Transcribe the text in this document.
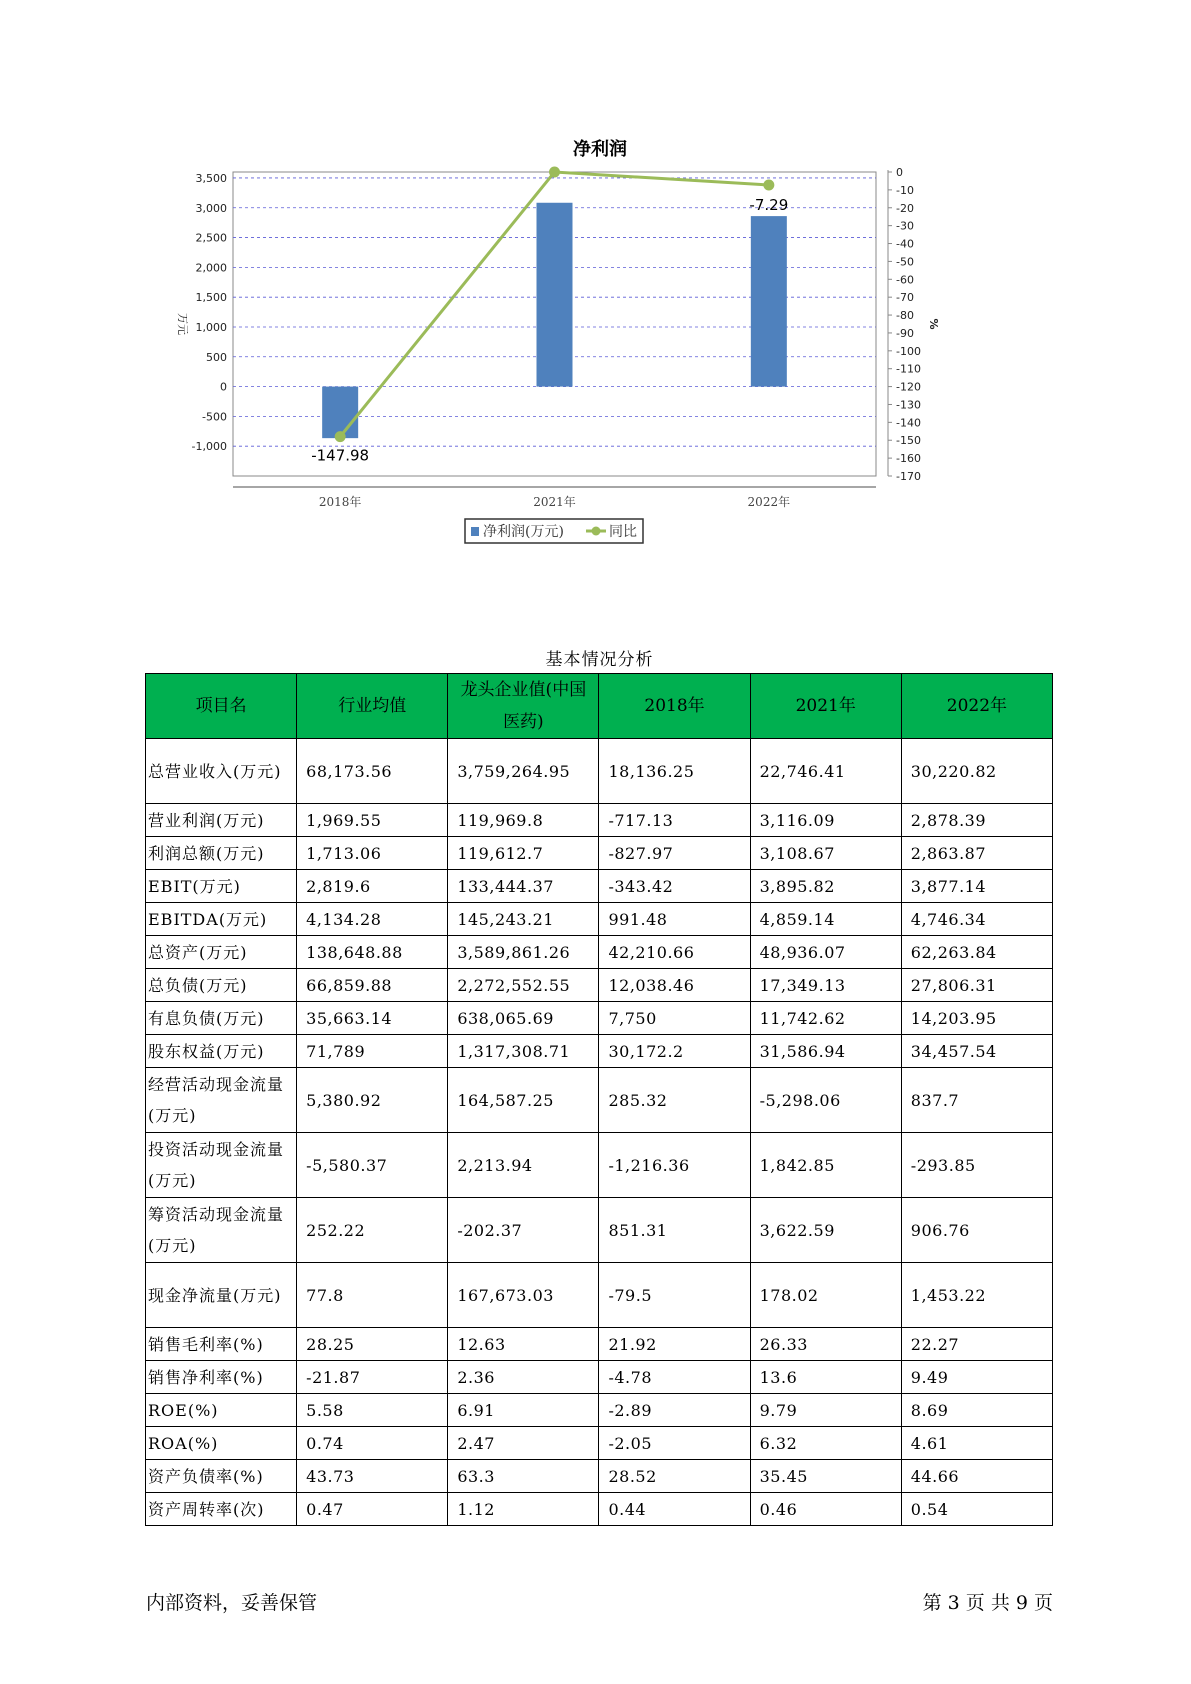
净利润
3,500
3,000
2,500
2,000
1,500
1,000
500
0
-500
-1,000
2018年	2021年	2022年
0
-10
-20
-30
-40
-50
-60
-70
-80
-90
-100
-110
-120
-130
-140
-150
-160
-170
万元	%
-147.98
-7.29
净利润(万元)	同比
基本情况分析
项目名	行业均值	龙头企业值(中国医药)	2018年	2021年	2022年
总营业收入(万元)	68,173.56	3,759,264.95	18,136.25	22,746.41	30,220.82
营业利润(万元)	1,969.55	119,969.8	-717.13	3,116.09	2,878.39
利润总额(万元)	1,713.06	119,612.7	-827.97	3,108.67	2,863.87
EBIT(万元)	2,819.6	133,444.37	-343.42	3,895.82	3,877.14
EBITDA(万元)	4,134.28	145,243.21	991.48	4,859.14	4,746.34
总资产(万元)	138,648.88	3,589,861.26	42,210.66	48,936.07	62,263.84
总负债(万元)	66,859.88	2,272,552.55	12,038.46	17,349.13	27,806.31
有息负债(万元)	35,663.14	638,065.69	7,750	11,742.62	14,203.95
股东权益(万元)	71,789	1,317,308.71	30,172.2	31,586.94	34,457.54
经营活动现金流量(万元)	5,380.92	164,587.25	285.32	-5,298.06	837.7
投资活动现金流量(万元)	-5,580.37	2,213.94	-1,216.36	1,842.85	-293.85
筹资活动现金流量(万元)	252.22	-202.37	851.31	3,622.59	906.76
现金净流量(万元)	77.8	167,673.03	-79.5	178.02	1,453.22
销售毛利率(%)	28.25	12.63	21.92	26.33	22.27
销售净利率(%)	-21.87	2.36	-4.78	13.6	9.49
ROE(%)	5.58	6.91	-2.89	9.79	8.69
ROA(%)	0.74	2.47	-2.05	6.32	4.61
资产负债率(%)	43.73	63.3	28.52	35.45	44.66
资产周转率(次)	0.47	1.12	0.44	0.46	0.54
内部资料，妥善保管	第 3 页 共 9 页
